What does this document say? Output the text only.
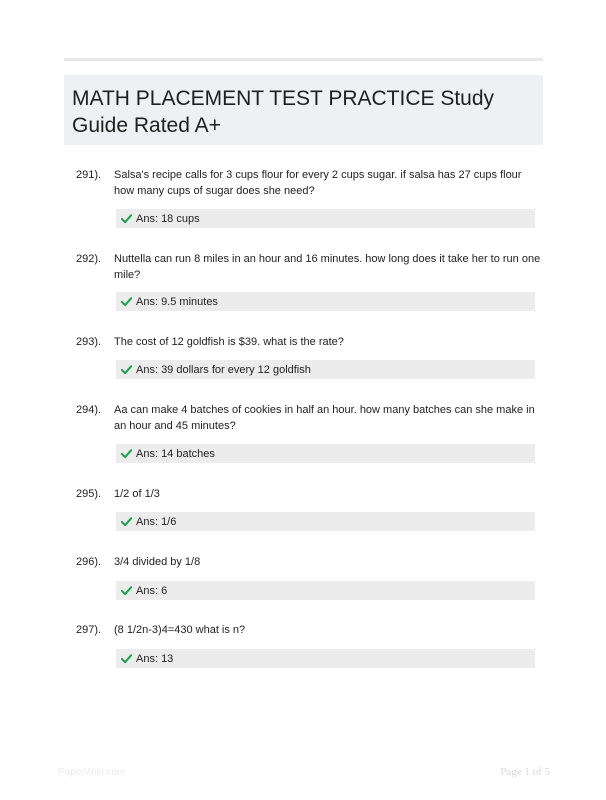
MATH PLACEMENT TEST PRACTICE Study Guide Rated A+
291). Salsa's recipe calls for 3 cups flour for every 2 cups sugar. if salsa has 27 cups flour how many cups of sugar does she need?
Ans: 18 cups
292). Nuttella can run 8 miles in an hour and 16 minutes. how long does it take her to run one mile?
Ans: 9.5 minutes
293). The cost of 12 goldfish is $39. what is the rate?
Ans: 39 dollars for every 12 goldfish
294). Aa can make 4 batches of cookies in half an hour. how many batches can she make in an hour and 45 minutes?
Ans: 14 batches
295). 1/2 of 1/3
Ans: 1/6
296). 3/4 divided by 1/8
Ans: 6
297). (8 1/2n-3)4=430 what is n?
Ans: 13
PaperWiki.com	Page 1 of 5
